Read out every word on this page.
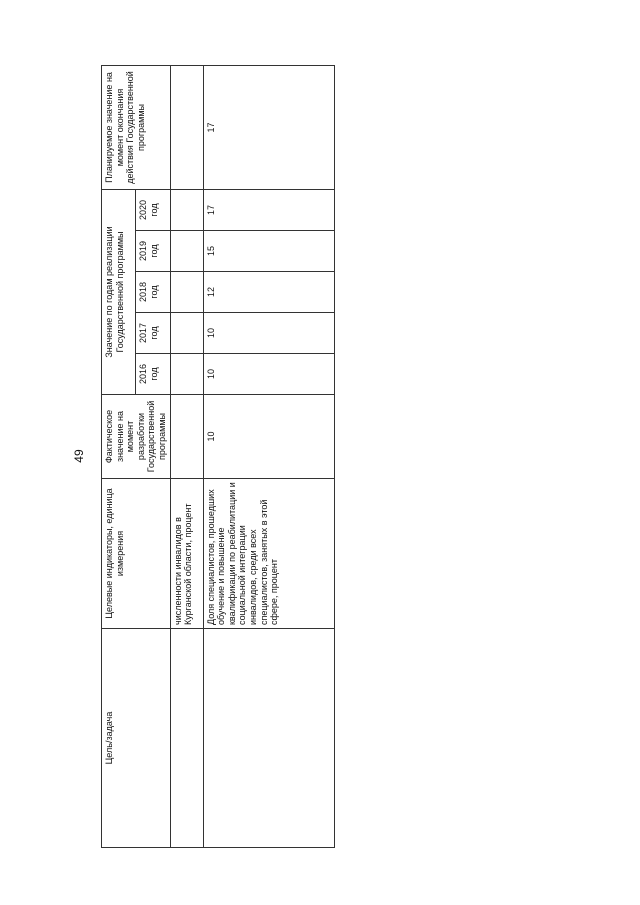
49
Цель/задача	Целевые индикаторы, единица измерения	Фактическое значение на момент разработки Государственной программы	Значение по годам реализации Государственной программы					Планируемое значение на момент окончания действия Государственной программы
			2016 год	2017 год	2018 год	2019 год	2020 год	
	численности инвалидов в Курганской области, процент							
	Доля специалистов, прошедших обучение и повышение квалификации по реабилитации и социальной интеграции инвалидов, среди всех специалистов, занятых в этой сфере, процент	10	10	10	12	15	17	17
